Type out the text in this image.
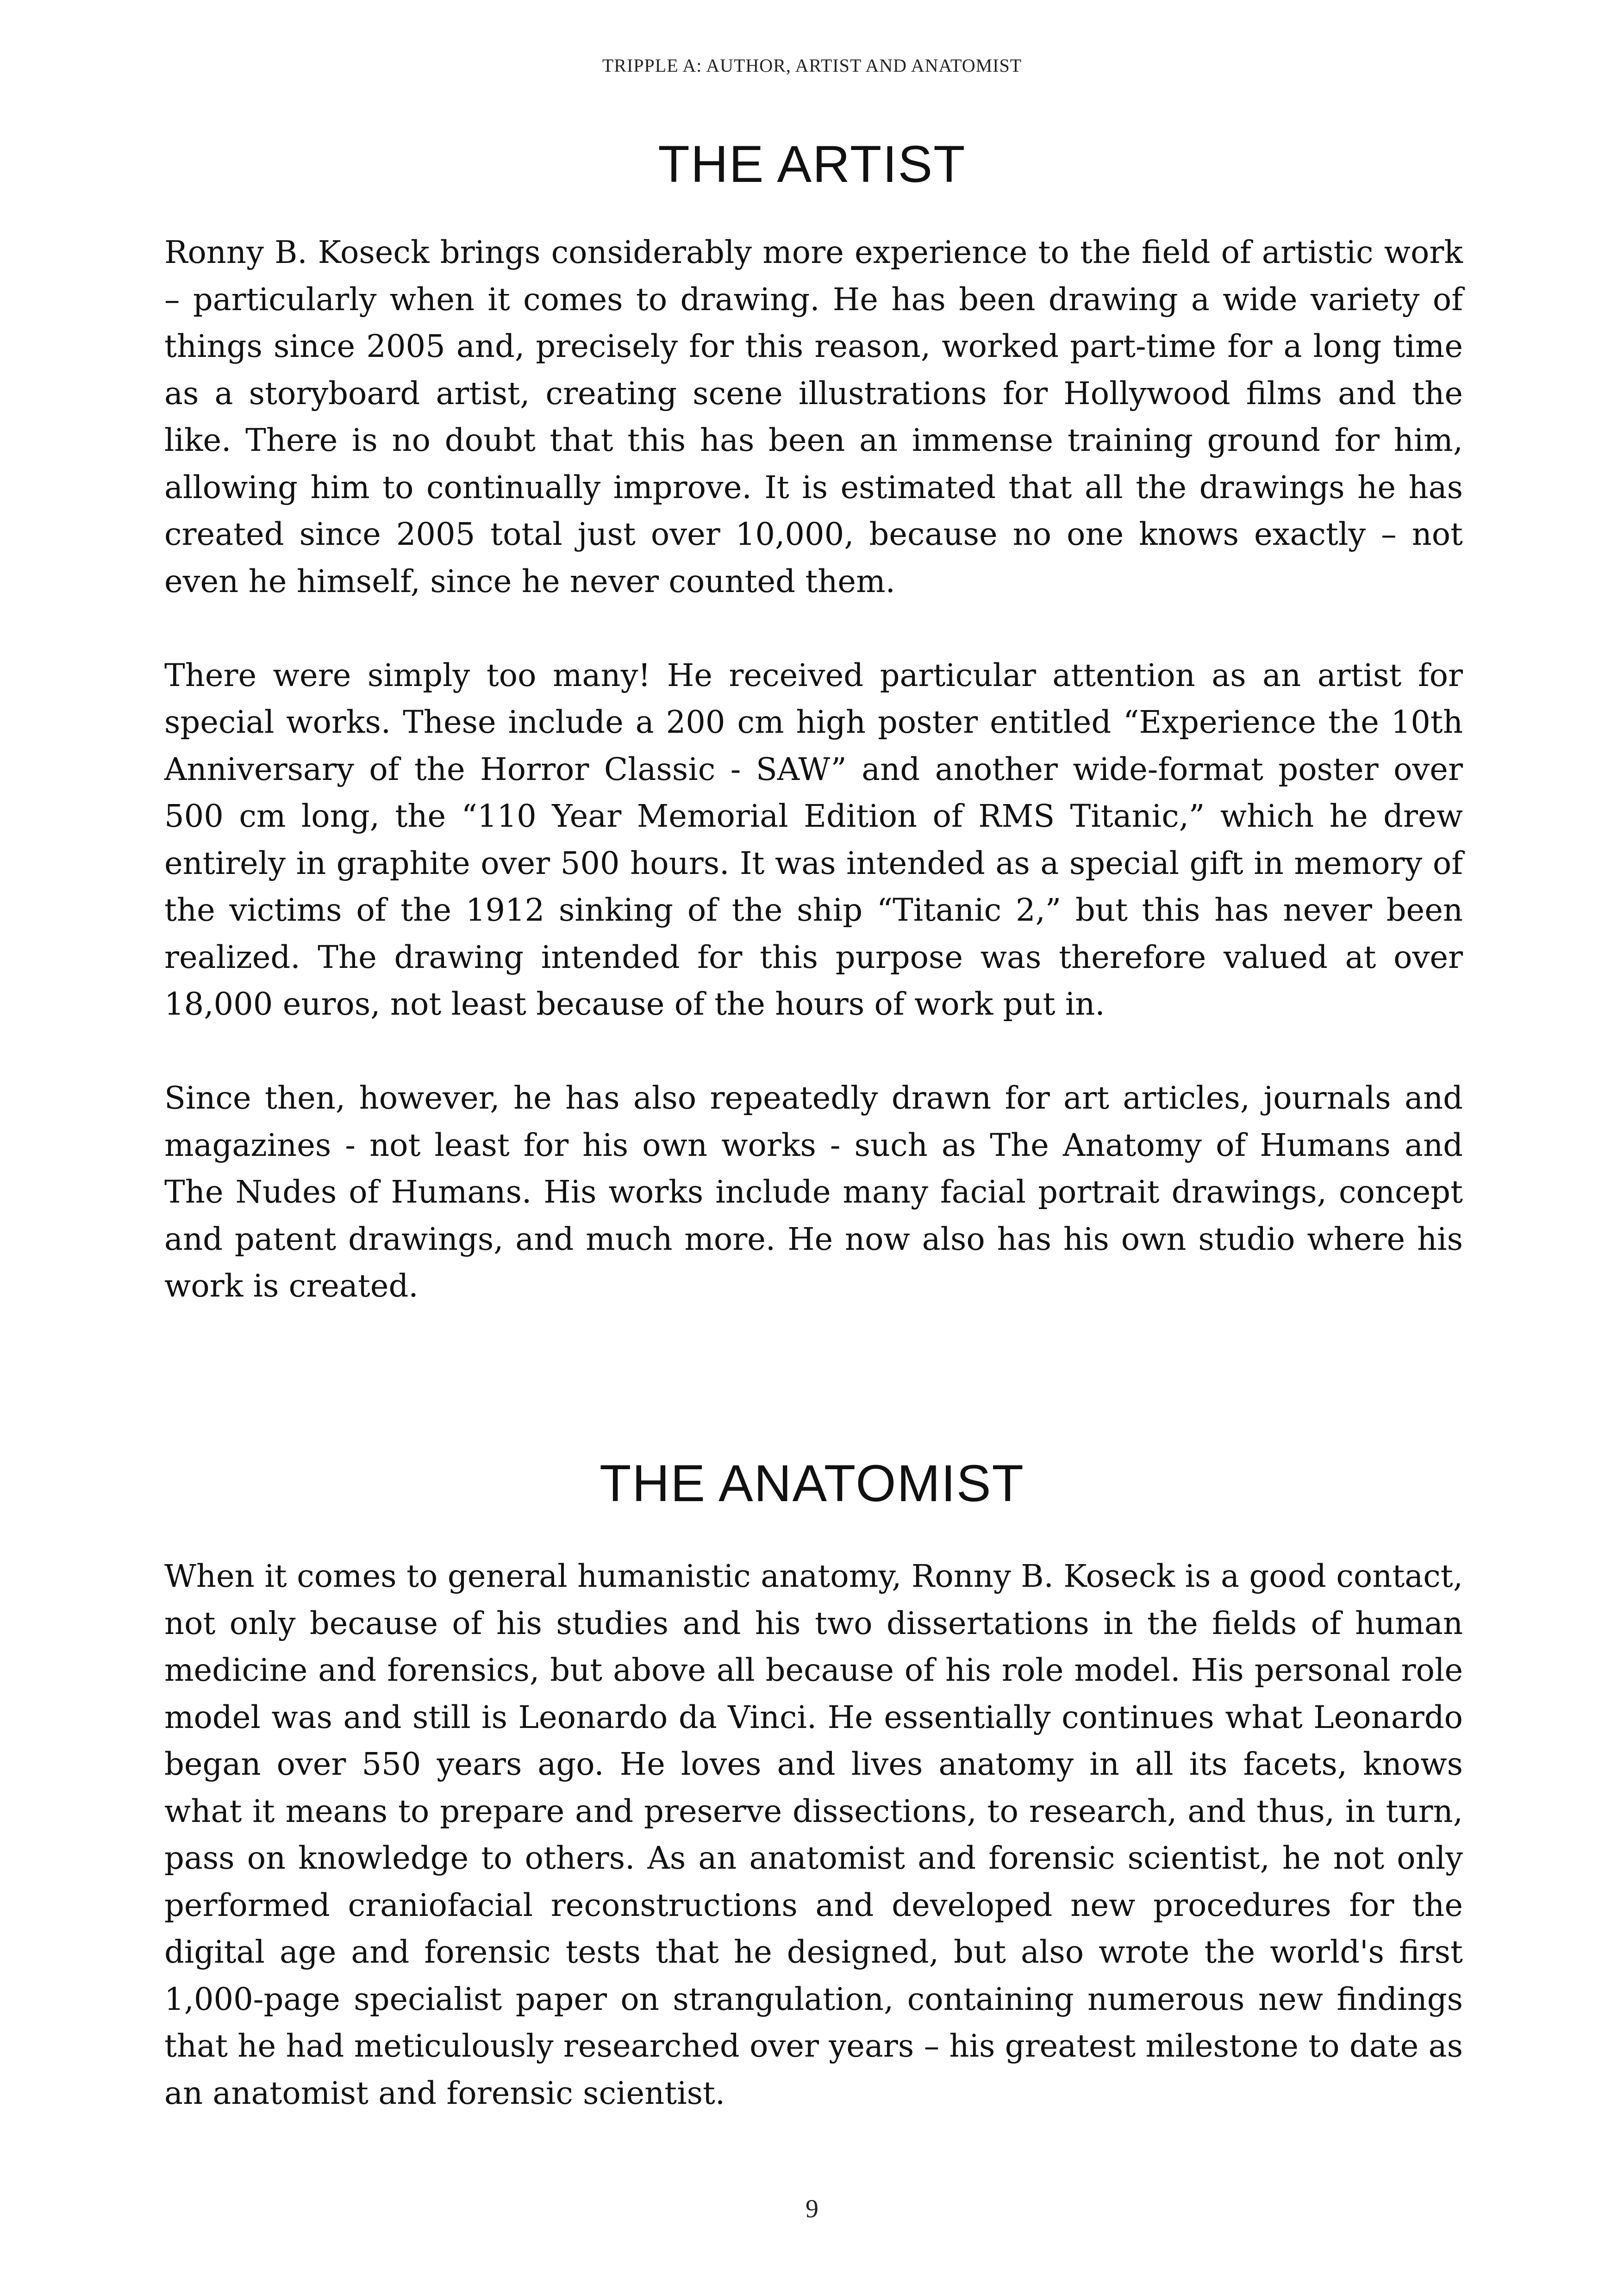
TRIPPLE A: AUTHOR, ARTIST AND ANATOMIST
THE ARTIST

Ronny B. Koseck brings considerably more experience to the field of artistic work – particularly when it comes to drawing. He has been drawing a wide variety of things since 2005 and, precisely for this reason, worked part-time for a long time as a storyboard artist, creating scene illustrations for Hollywood films and the like. There is no doubt that this has been an immense training ground for him, allowing him to continually improve. It is estimated that all the drawings he has created since 2005 total just over 10,000, because no one knows exactly – not even he himself, since he never counted them.

There were simply too many! He received particular attention as an artist for special works. These include a 200 cm high poster entitled “Experience the 10th Anniversary of the Horror Classic - SAW” and another wide-format poster over 500 cm long, the “110 Year Memorial Edition of RMS Titanic,” which he drew entirely in graphite over 500 hours. It was intended as a special gift in memory of the victims of the 1912 sinking of the ship “Titanic 2,” but this has never been realized. The drawing intended for this purpose was therefore valued at over 18,000 euros, not least because of the hours of work put in.

Since then, however, he has also repeatedly drawn for art articles, journals and magazines - not least for his own works - such as The Anatomy of Humans and The Nudes of Humans. His works include many facial portrait drawings, concept and patent drawings, and much more. He now also has his own studio where his work is created.

THE ANATOMIST

When it comes to general humanistic anatomy, Ronny B. Koseck is a good contact, not only because of his studies and his two dissertations in the fields of human medicine and forensics, but above all because of his role model. His personal role model was and still is Leonardo da Vinci. He essentially continues what Leonardo began over 550 years ago. He loves and lives anatomy in all its facets, knows what it means to prepare and preserve dissections, to research, and thus, in turn, pass on knowledge to others. As an anatomist and forensic scientist, he not only performed craniofacial reconstructions and developed new procedures for the digital age and forensic tests that he designed, but also wrote the world's first 1,000-page specialist paper on strangulation, containing numerous new findings that he had meticulously researched over years – his greatest milestone to date as an anatomist and forensic scientist.

9
